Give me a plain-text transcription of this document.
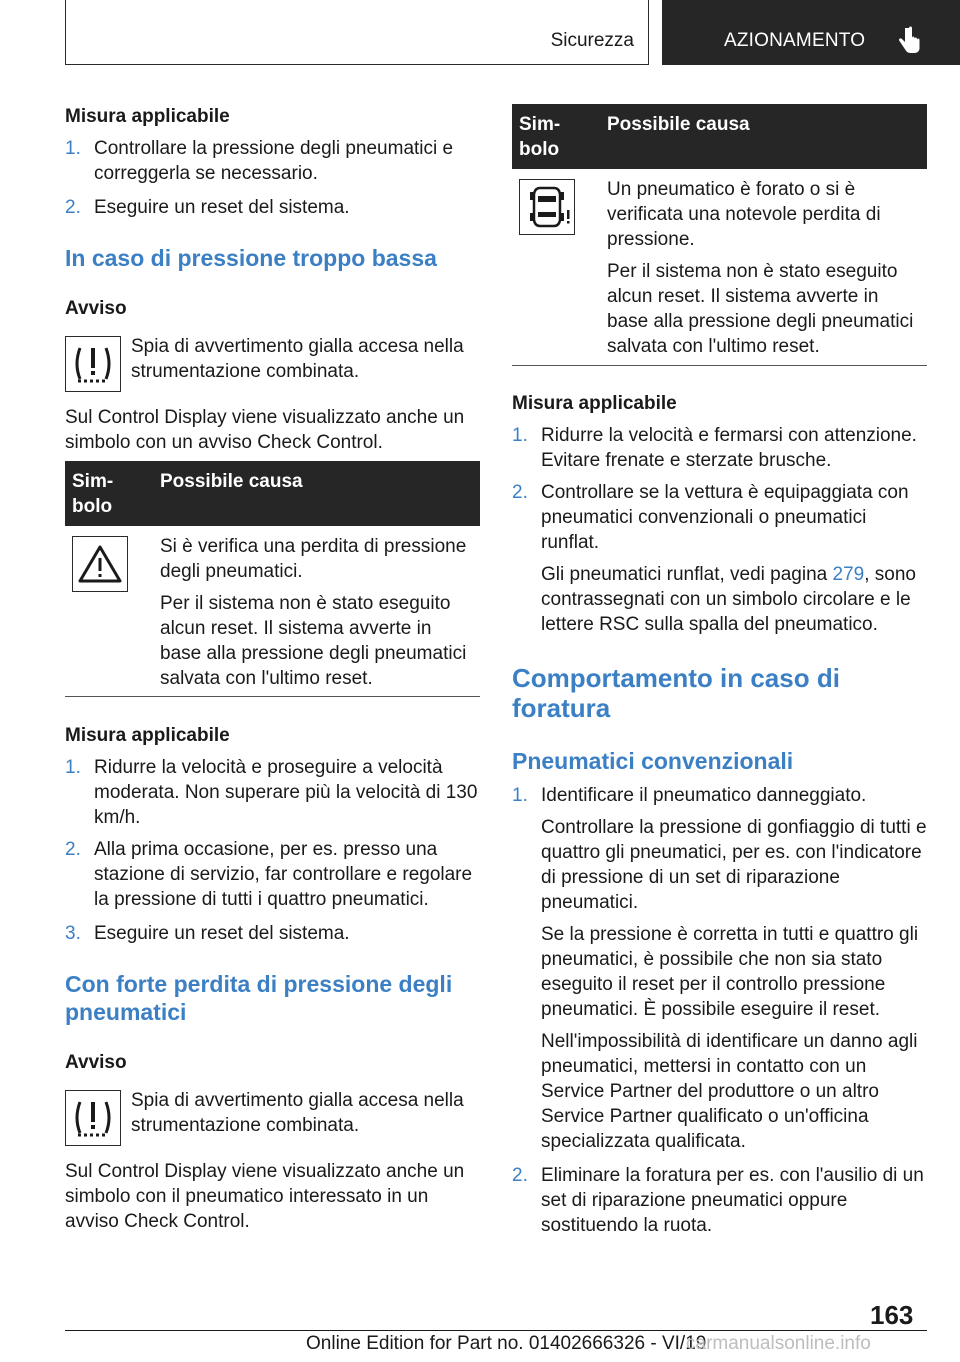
Sicurezza	AZIONAMENTO
Misura applicabile
1. Controllare la pressione degli pneumatici e correggerla se necessario.
2. Eseguire un reset del sistema.
In caso di pressione troppo bassa
Avviso
Spia di avvertimento gialla accesa nella strumentazione combinata.
Sul Control Display viene visualizzato anche un simbolo con un avviso Check Control.
Sim‐
bolo
Possibile causa

Si è verifica una perdita di pressione degli pneumatici.

Per il sistema non è stato eseguito alcun reset. Il sistema avverte in base alla pressione degli pneumatici salvata con l'ultimo reset.

Misura applicabile
1. Ridurre la velocità e proseguire a velocità moderata. Non superare più la velocità di 130 km/h.
2. Alla prima occasione, per es. presso una stazione di servizio, far controllare e regolare la pressione di tutti i quattro pneumatici.
3. Eseguire un reset del sistema.
Con forte perdita di pressione degli pneumatici
Avviso
Spia di avvertimento gialla accesa nella strumentazione combinata.
Sul Control Display viene visualizzato anche un simbolo con il pneumatico interessato in un avviso Check Control.
Sim‐
bolo
Possibile causa

Un pneumatico è forato o si è verificata una notevole perdita di pressione.

Per il sistema non è stato eseguito alcun reset. Il sistema avverte in base alla pressione degli pneumatici salvata con l'ultimo reset.

Misura applicabile
1. Ridurre la velocità e fermarsi con attenzione. Evitare frenate e sterzate brusche.
2. Controllare se la vettura è equipaggiata con pneumatici convenzionali o pneumatici runflat.

Gli pneumatici runflat, vedi pagina 279, sono contrassegnati con un simbolo circolare e le lettere RSC sulla spalla del pneumatico.

Comportamento in caso di foratura
Pneumatici convenzionali
1. Identificare il pneumatico danneggiato.

Controllare la pressione di gonfiaggio di tutti e quattro gli pneumatici, per es. con l'indicatore di pressione di un set di riparazione pneumatici.

Se la pressione è corretta in tutti e quattro gli pneumatici, è possibile che non sia stato eseguito il reset per il controllo pressione pneumatici. È possibile eseguire il reset.

Nell'impossibilità di identificare un danno agli pneumatici, mettersi in contatto con un Service Partner del produttore o un altro Service Partner qualificato o un'officina specializzata qualificata.

2. Eliminare la foratura per es. con l'ausilio di un set di riparazione pneumatici oppure sostituendo la ruota.
163
Online Edition for Part no. 01402666326 - VI/19
carmanualsonline.info
